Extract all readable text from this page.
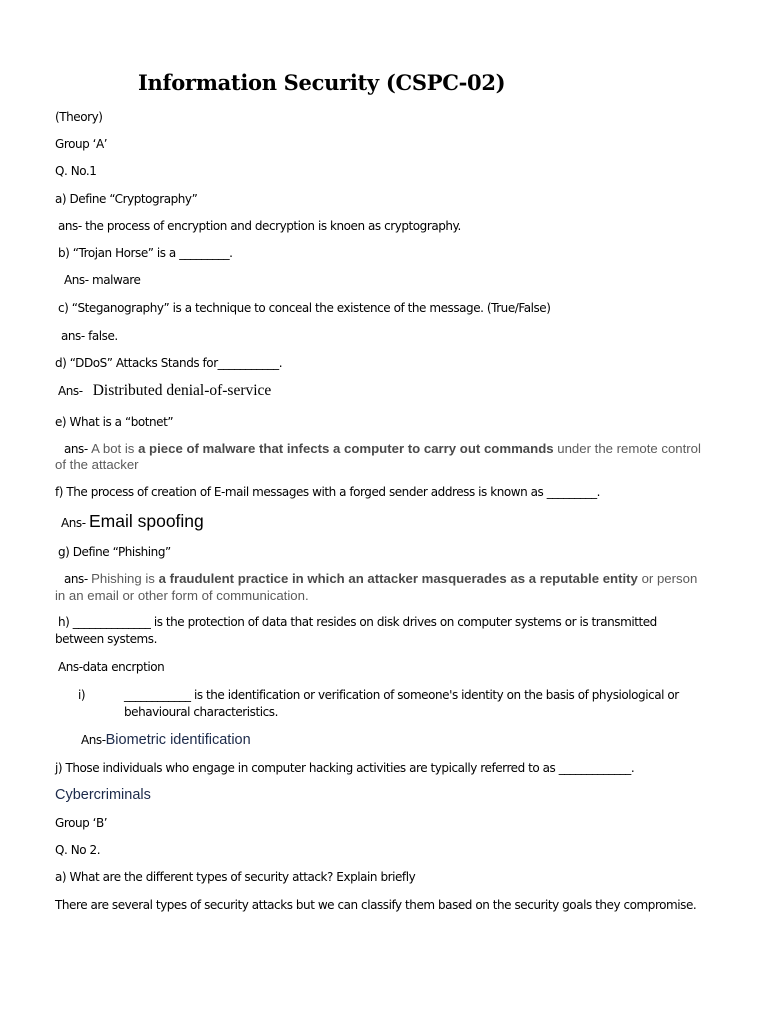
Information Security (CSPC-02)
(Theory)
Group ‘A’
Q. No.1
a) Define “Cryptography”
ans- the process of encryption and decryption is knoen as cryptography.
b) “Trojan Horse” is a _________.
Ans- malware
c) “Steganography” is a technique to conceal the existence of the message. (True/False)
ans- false.
d) “DDoS” Attacks Stands for___________.
Ans- Distributed denial-of-service
e) What is a “botnet”
ans- A bot is a piece of malware that infects a computer to carry out commands under the remote control
of the attacker
f) The process of creation of E-mail messages with a forged sender address is known as _________.
Ans- Email spoofing
g) Define “Phishing”
ans- Phishing is a fraudulent practice in which an attacker masquerades as a reputable entity or person
in an email or other form of communication.
h) ______________ is the protection of data that resides on disk drives on computer systems or is transmitted
between systems.
Ans-data encrption
i)	____________ is the identification or verification of someone's identity on the basis of physiological or
behavioural characteristics.
Ans-Biometric identification
j) Those individuals who engage in computer hacking activities are typically referred to as _____________.
Cybercriminals
Group ‘B’
Q. No 2.
a) What are the different types of security attack? Explain briefly
There are several types of security attacks but we can classify them based on the security goals they compromise.
